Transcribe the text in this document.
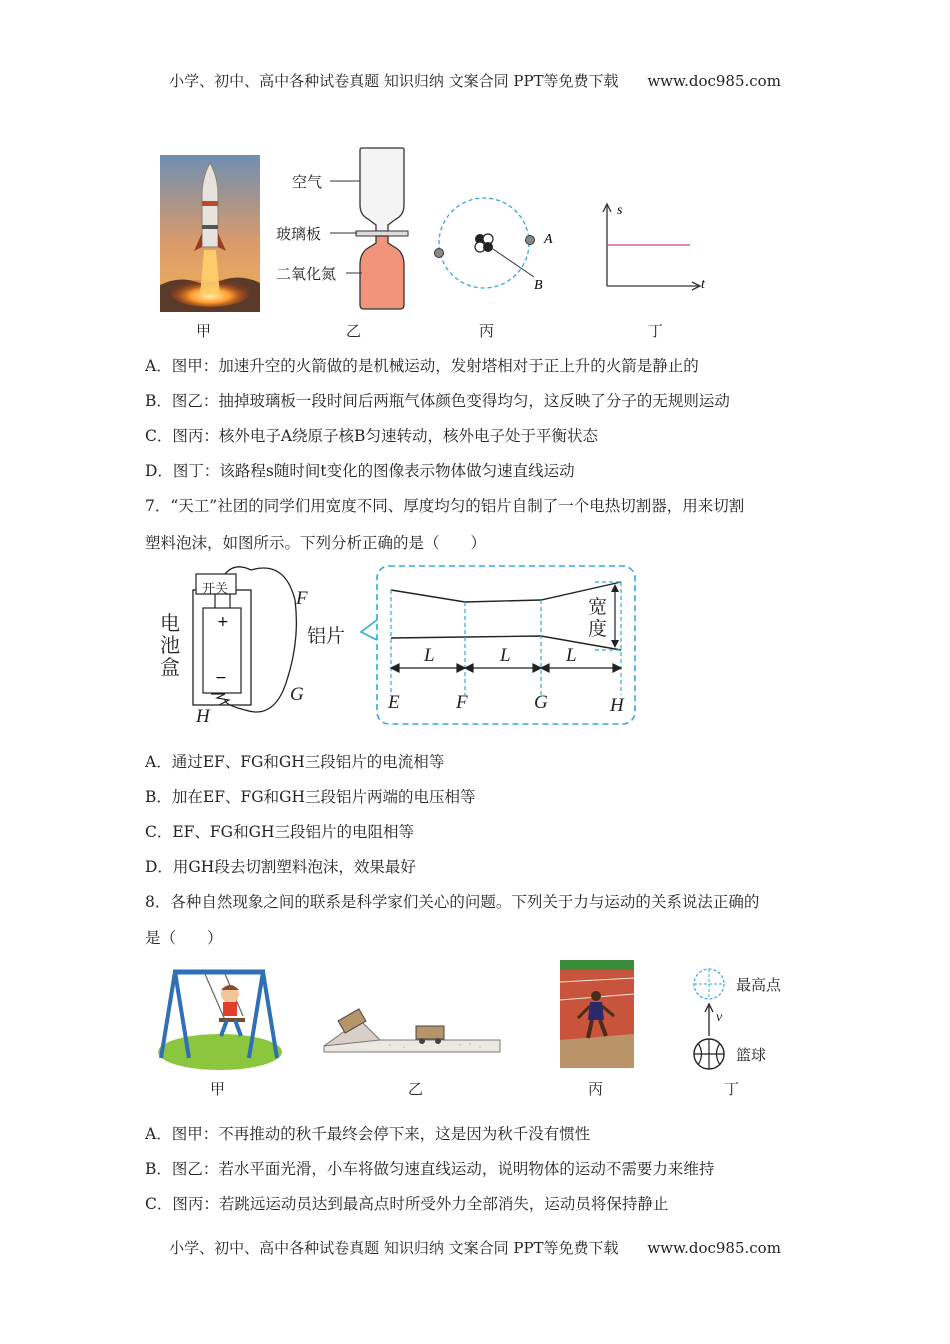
小学、初中、高中各种试卷真题 知识归纳 文案合同 PPT等免费下载 www.doc985.com
甲
空气
玻璃板
二氧化氮
乙
A
B
丙
s
t
丁
A．图甲：加速升空的火箭做的是机械运动，发射塔相对于正上升的火箭是静止的
B．图乙：抽掉玻璃板一段时间后两瓶气体颜色变得均匀，这反映了分子的无规则运动
C．图丙：核外电子A绕原子核B匀速转动，核外电子处于平衡状态
D．图丁：该路程s随时间t变化的图像表示物体做匀速直线运动
7．“天工”社团的同学们用宽度不同、厚度均匀的铝片自制了一个电热切割器，用来切割
塑料泡沫，如图所示。下列分析正确的是（　　）
+
−
开关
电池盒
铝片
宽度
F
G
H
L	L	L
E	F	G	H
A．通过EF、FG和GH三段铝片的电流相等
B．加在EF、FG和GH三段铝片两端的电压相等
C．EF、FG和GH三段铝片的电阻相等
D．用GH段去切割塑料泡沫，效果最好
8．各种自然现象之间的联系是科学家们关心的问题。下列关于力与运动的关系说法正确的
是（　　）
甲	乙	丙
最高点
v
篮球
丁
A．图甲：不再推动的秋千最终会停下来，这是因为秋千没有惯性
B．图乙：若水平面光滑，小车将做匀速直线运动，说明物体的运动不需要力来维持
C．图丙：若跳远运动员达到最高点时所受外力全部消失，运动员将保持静止
小学、初中、高中各种试卷真题 知识归纳 文案合同 PPT等免费下载 www.doc985.com
